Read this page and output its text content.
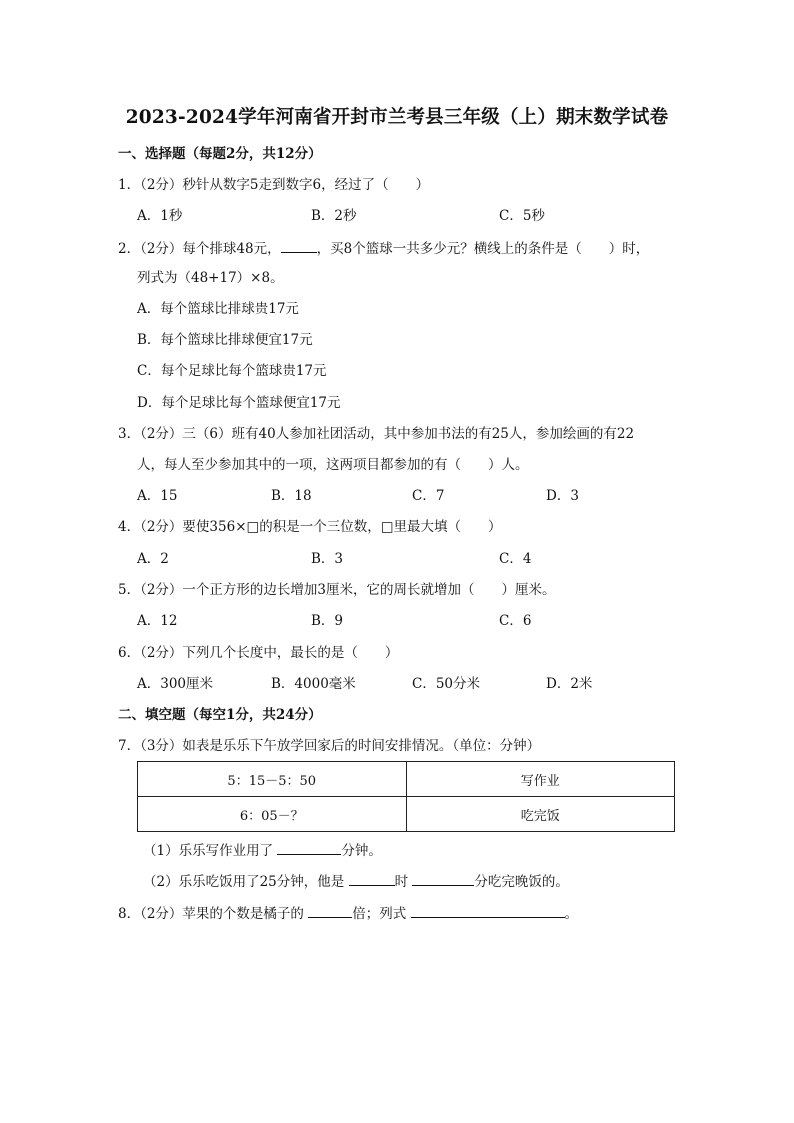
2023-2024学年河南省开封市兰考县三年级（上）期末数学试卷
一、选择题（每题2分，共12分）
1．（2分）秒针从数字5走到数字6，经过了（　　）
A．1秒	B．2秒	C．5秒
2．（2分）每个排球48元，	，买8个篮球一共多少元？横线上的条件是（　　）时，
列式为（48+17）×8。
A．每个篮球比排球贵17元
B．每个篮球比排球便宜17元
C．每个足球比每个篮球贵17元
D．每个足球比每个篮球便宜17元
3．（2分）三（6）班有40人参加社团活动，其中参加书法的有25人，参加绘画的有22
人，每人至少参加其中的一项，这两项目都参加的有（　　）人。
A．15	B．18	C．7	D．3
4．（2分）要使356×□的积是一个三位数，□里最大填（　　）
A．2	B．3	C．4
5．（2分）一个正方形的边长增加3厘米，它的周长就增加（　　）厘米。
A．12	B．9	C．6
6．（2分）下列几个长度中，最长的是（　　）
A．300厘米	B．4000毫米	C．50分米	D．2米
二、填空题（每空1分，共24分）
7．（3分）如表是乐乐下午放学回家后的时间安排情况。（单位：分钟）
5：15－5：50	写作业
6：05－？	吃完饭
（1）乐乐写作业用了	分钟。
（2）乐乐吃饭用了25分钟，他是	时	分吃完晚饭的。
8．（2分）苹果的个数是橘子的	倍；列式	。
